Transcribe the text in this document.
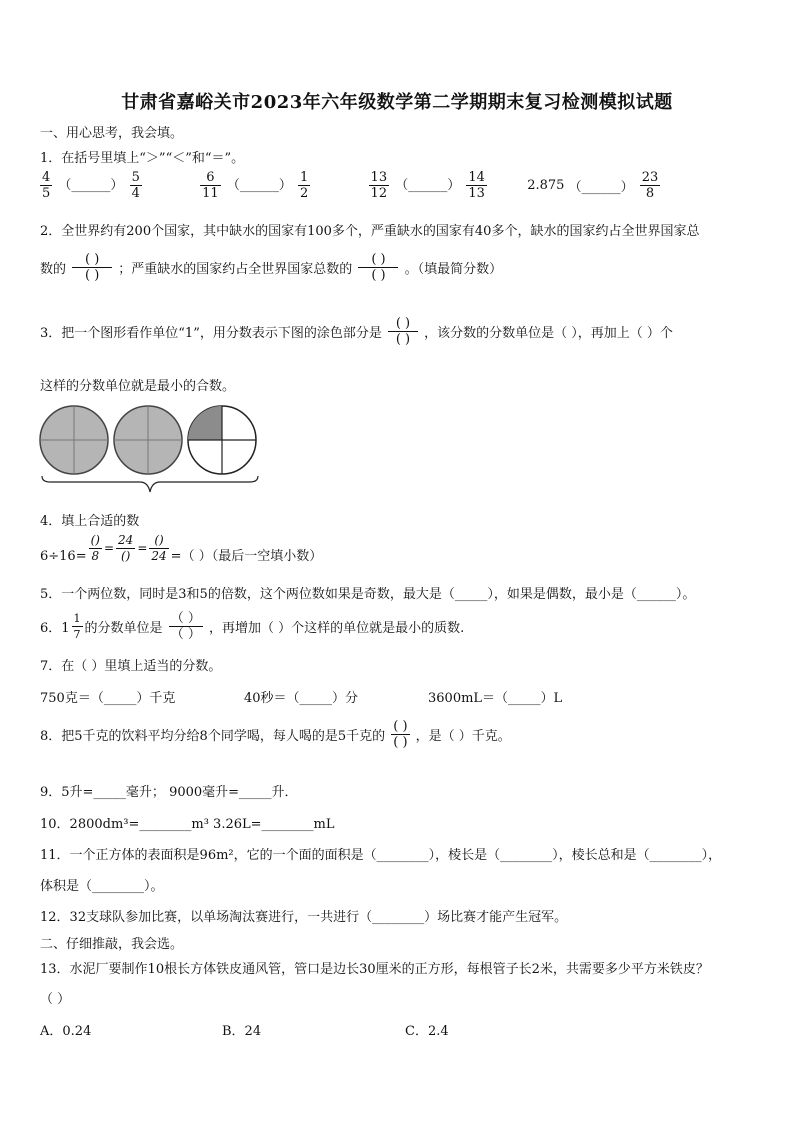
甘肃省嘉峪关市2023年六年级数学第二学期期末复习检测模拟试题
一、用心思考，我会填。
1．在括号里填上“＞”“＜”和“＝”。
$\frac{4}{5}$ （______） $\frac{5}{4}$
	$\frac{6}{11}$ （______） $\frac{1}{2}$
	$\frac{13}{12}$ （______） $\frac{14}{13}$	2.875 （______） $\frac{23}{8}$
2．全世界约有200个国家，其中缺水的国家有100多个，严重缺水的国家有40多个，缺水的国家约占全世界国家总
数的 $\frac{( )}{( )}$ ；严重缺水的国家约占全世界国家总数的 $\frac{( )}{( )}$ 。（填最简分数）
3．把一个图形看作单位“1”，用分数表示下图的涂色部分是 $\frac{( )}{( )}$ ，该分数的分数单位是（ ），再加上（ ）个
这样的分数单位就是最小的合数。
4．填上合适的数
$6\div 16= \frac{()}{8} = \frac{24}{()} = \frac{()}{24}$ =（ ）（最后一空填小数）
5．一个两位数，同时是3和5的倍数，这个两位数如果是奇数，最大是（_____），如果是偶数，最小是（______）。
6．$1 \frac{1}{7}$ 的分数单位是 $\frac{( )}{( )}$ ，再增加（ ）个这样的单位就是最小的质数.
7．在（ ）里填上适当的分数。
750克＝（_____）千克	40秒＝（_____）分	3600mL＝（_____）L
8．把5千克的饮料平均分给8个同学喝，每人喝的是5千克的 $\frac{( )}{( )}$ ，是（ ）千克。
9．5升=_____毫升； 9000毫升=_____升．
10．2800dm³=________m³ 3.26L=________mL
11．一个正方体的表面积是96m²，它的一个面的面积是（________），棱长是（________），棱长总和是（________），
体积是（________）。
12．32支球队参加比赛，以单场淘汰赛进行，一共进行（________）场比赛才能产生冠军。
二、仔细推敲，我会选。
13．水泥厂要制作10根长方体铁皮通风管，管口是边长30厘米的正方形，每根管子长2米，共需要多少平方米铁皮？
（ ）
A．0.24	B．24	C．2.4
